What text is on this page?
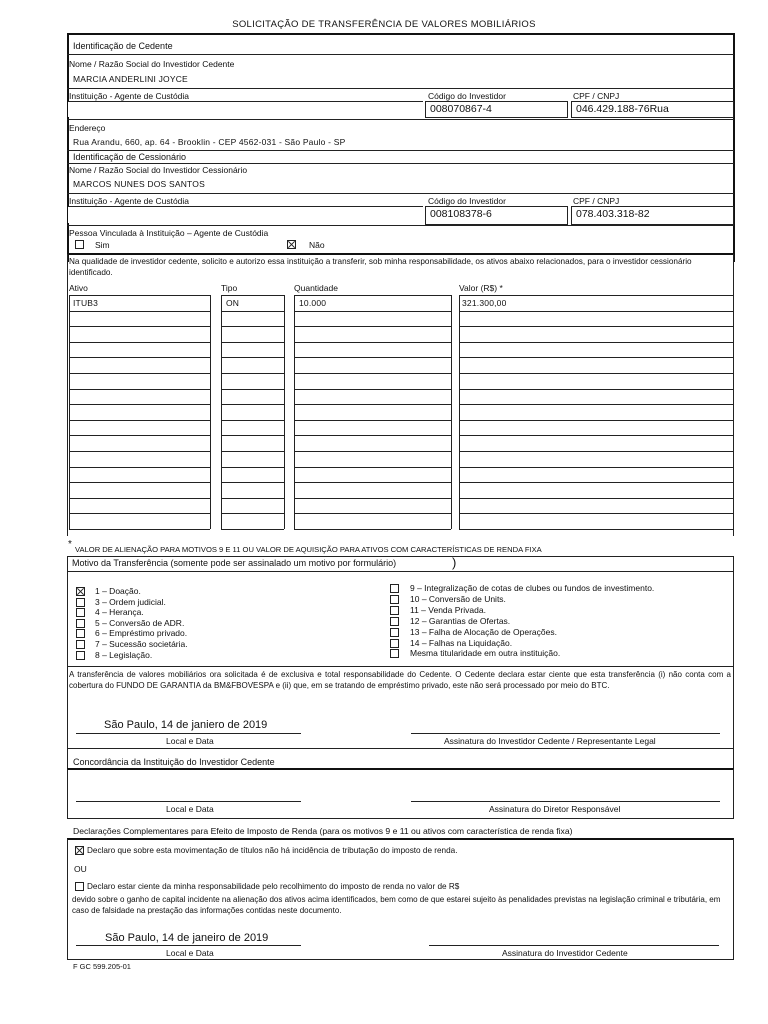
SOLICITAÇÃO DE TRANSFERÊNCIA DE VALORES MOBILIÁRIOS
Identificação de Cedente
Nome / Razão Social do Investidor Cedente
MARCIA ANDERLINI JOYCE
Instituição - Agente de Custódia	Código do Investidor
008070867-4
CPF / CNPJ
046.429.188-76Rua
Endereço
Rua Arandu, 660, ap. 64 - Brooklin - CEP 4562-031 - São Paulo - SP
Identificação de Cessionário
Nome / Razão Social do Investidor Cessionário
MARCOS NUNES DOS SANTOS
Instituição - Agente de Custódia	Código do Investidor
008108378-6
CPF / CNPJ
078.403.318-82
Pessoa Vinculada à Instituição – Agente de Custódia
Sim	Não
Na qualidade de investidor cedente, solicito e autorizo essa instituição a transferir, sob minha responsabilidade, os ativos abaixo relacionados, para o investidor cessionário identificado.
Ativo	Tipo	Quantidade	Valor (R$) *
ITUB3	ON	10.000	321.300,00
* VALOR DE ALIENAÇÃO PARA MOTIVOS 9 E 11 OU VALOR DE AQUISIÇÃO PARA ATIVOS COM CARACTERÍSTICAS DE RENDA FIXA
Motivo da Transferência (somente pode ser assinalado um motivo por formulário)	)
1 – Doação.
3 – Ordem judicial.
4 – Herança.
5 – Conversão de ADR.
6 – Empréstimo privado.
7 – Sucessão societária.
8 – Legislação.
9 – Integralização de cotas de clubes ou fundos de investimento.
10 – Conversão de Units.
11 – Venda Privada.
12 – Garantias de Ofertas.
13 – Falha de Alocação de Operações.
14 – Falhas na Liquidação.
Mesma titularidade em outra instituição.
A transferência de valores mobiliários ora solicitada é de exclusiva e total responsabilidade do Cedente. O Cedente declara estar ciente que esta transferência (i) não conta com a cobertura do FUNDO DE GARANTIA da BM&FBOVESPA e (ii) que, em se tratando de empréstimo privado, este não será processado por meio do BTC.
São Paulo, 14 de janiero de 2019
Local e Data	Assinatura do Investidor Cedente / Representante Legal
Concordância da Instituição do Investidor Cedente
Local e Data	Assinatura do Diretor Responsável
Declarações Complementares para Efeito de Imposto de Renda (para os motivos 9 e 11 ou ativos com característica de renda fixa)
Declaro que sobre esta movimentação de títulos não há incidência de tributação do imposto de renda.
OU
Declaro estar ciente da minha responsabilidade pelo recolhimento do imposto de renda no valor de R$
devido sobre o ganho de capital incidente na alienação dos ativos acima identificados, bem como de que estarei sujeito às penalidades previstas na legislação criminal e tributária, em caso de falsidade na prestação das informações contidas neste documento.
São Paulo, 14 de janeiro de 2019
Local e Data	Assinatura do Investidor Cedente
F GC 599.205-01
